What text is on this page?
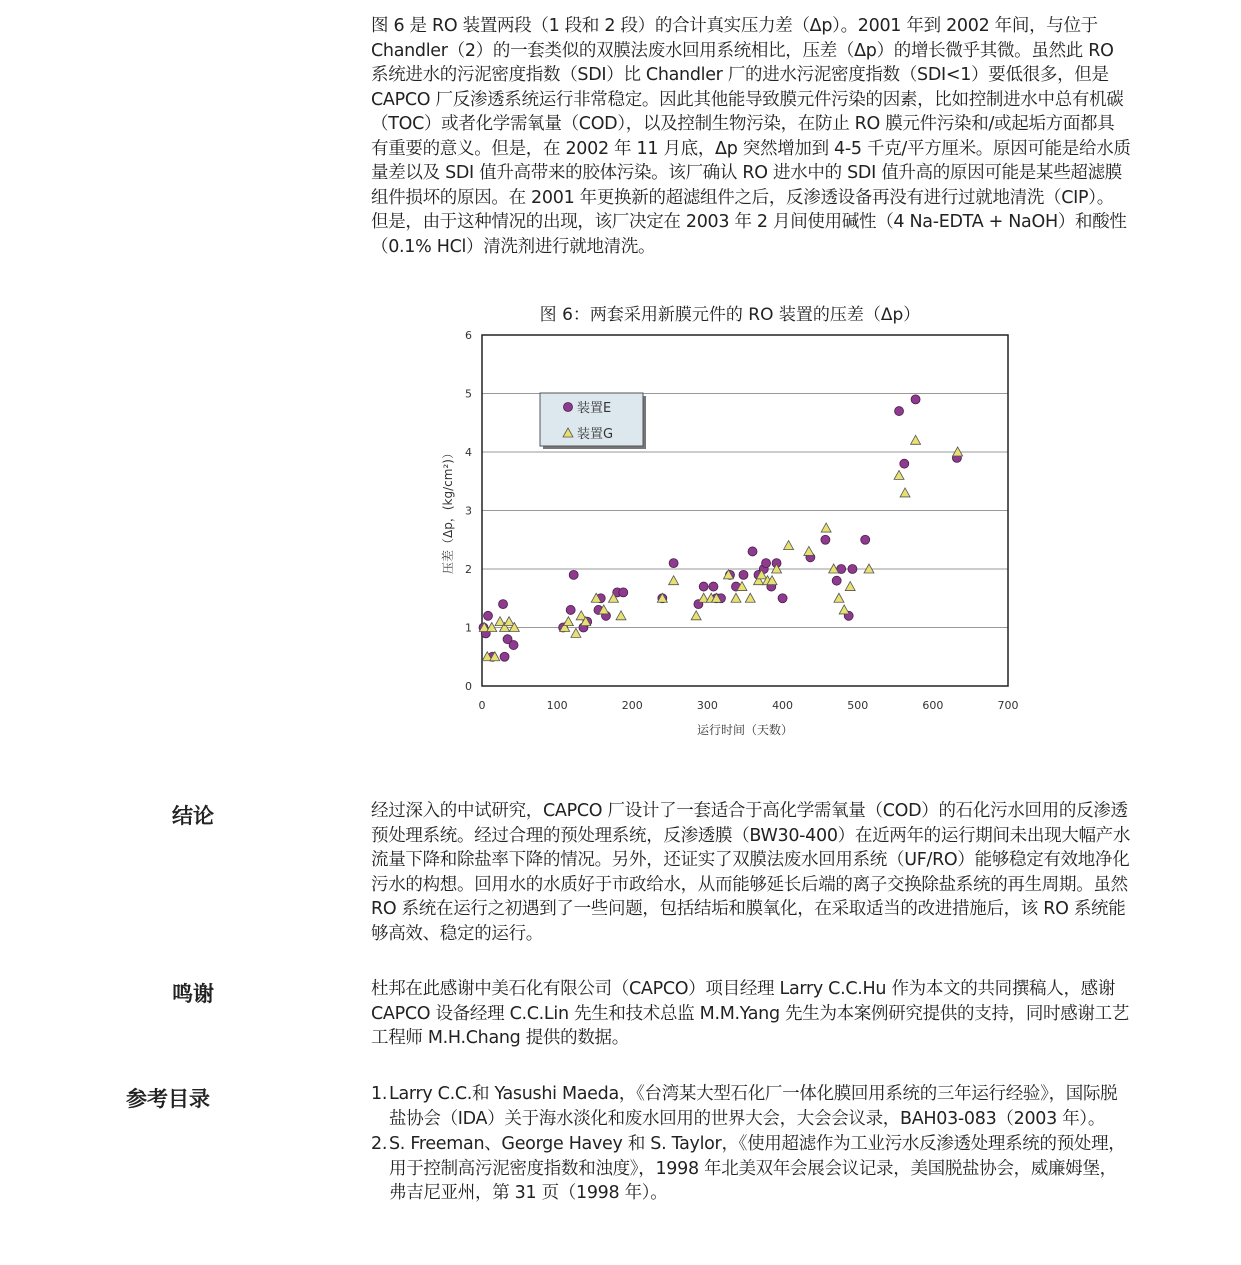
图 6 是 RO 装置两段（1 段和 2 段）的合计真实压力差（Δp）。2001 年到 2002 年间，与位于 Chandler（2）的一套类似的双膜法废水回用系统相比，压差（Δp）的增长微乎其微。虽然此 RO 系统进水的污泥密度指数（SDI）比 Chandler 厂的进水污泥密度指数（SDI<1）要低很多，但是 CAPCO 厂反渗透系统运行非常稳定。因此其他能导致膜元件污染的因素，比如控制进水中总有机碳（TOC）或者化学需氧量（COD），以及控制生物污染，在防止 RO 膜元件污染和/或起垢方面都具有重要的意义。但是，在 2002 年 11 月底，Δp 突然增加到 4-5 千克/平方厘米。原因可能是给水质量差以及 SDI 值升高带来的胶体污染。该厂确认 RO 进水中的 SDI 值升高的原因可能是某些超滤膜组件损坏的原因。在 2001 年更换新的超滤组件之后，反渗透设备再没有进行过就地清洗（CIP）。但是，由于这种情况的出现，该厂决定在 2003 年 2 月间使用碱性（4 Na-EDTA + NaOH）和酸性（0.1% HCl）清洗剂进行就地清洗。

图 6：两套采用新膜元件的 RO 装置的压差（Δp）
0
1
2
3
4
5
6
0	100	200	300	400	500	600	700
运行时间（天数）
压差（Δp，(kg/cm²)）
装置E
装置G
结论	经过深入的中试研究，CAPCO 厂设计了一套适合于高化学需氧量（COD）的石化污水回用的反渗透预处理系统。经过合理的预处理系统，反渗透膜（BW30-400）在近两年的运行期间未出现大幅产水流量下降和除盐率下降的情况。另外，还证实了双膜法废水回用系统（UF/RO）能够稳定有效地净化污水的构想。回用水的水质好于市政给水，从而能够延长后端的离子交换除盐系统的再生周期。虽然 RO 系统在运行之初遇到了一些问题，包括结垢和膜氧化，在采取适当的改进措施后，该 RO 系统能够高效、稳定的运行。

鸣谢	杜邦在此感谢中美石化有限公司（CAPCO）项目经理 Larry C.C.Hu 作为本文的共同撰稿人，感谢 CAPCO 设备经理 C.C.Lin 先生和技术总监 M.M.Yang 先生为本案例研究提供的支持，同时感谢工艺工程师 M.H.Chang 提供的数据。

参考目录	1. Larry C.C.和 Yasushi Maeda，《台湾某大型石化厂一体化膜回用系统的三年运行经验》，国际脱盐协会（IDA）关于海水淡化和废水回用的世界大会，大会会议录，BAH03-083（2003 年）。
2. S. Freeman、George Havey 和 S. Taylor，《使用超滤作为工业污水反渗透处理系统的预处理，用于控制高污泥密度指数和浊度》，1998 年北美双年会展会议记录，美国脱盐协会，威廉姆堡，弗吉尼亚州，第 31 页（1998 年）。
